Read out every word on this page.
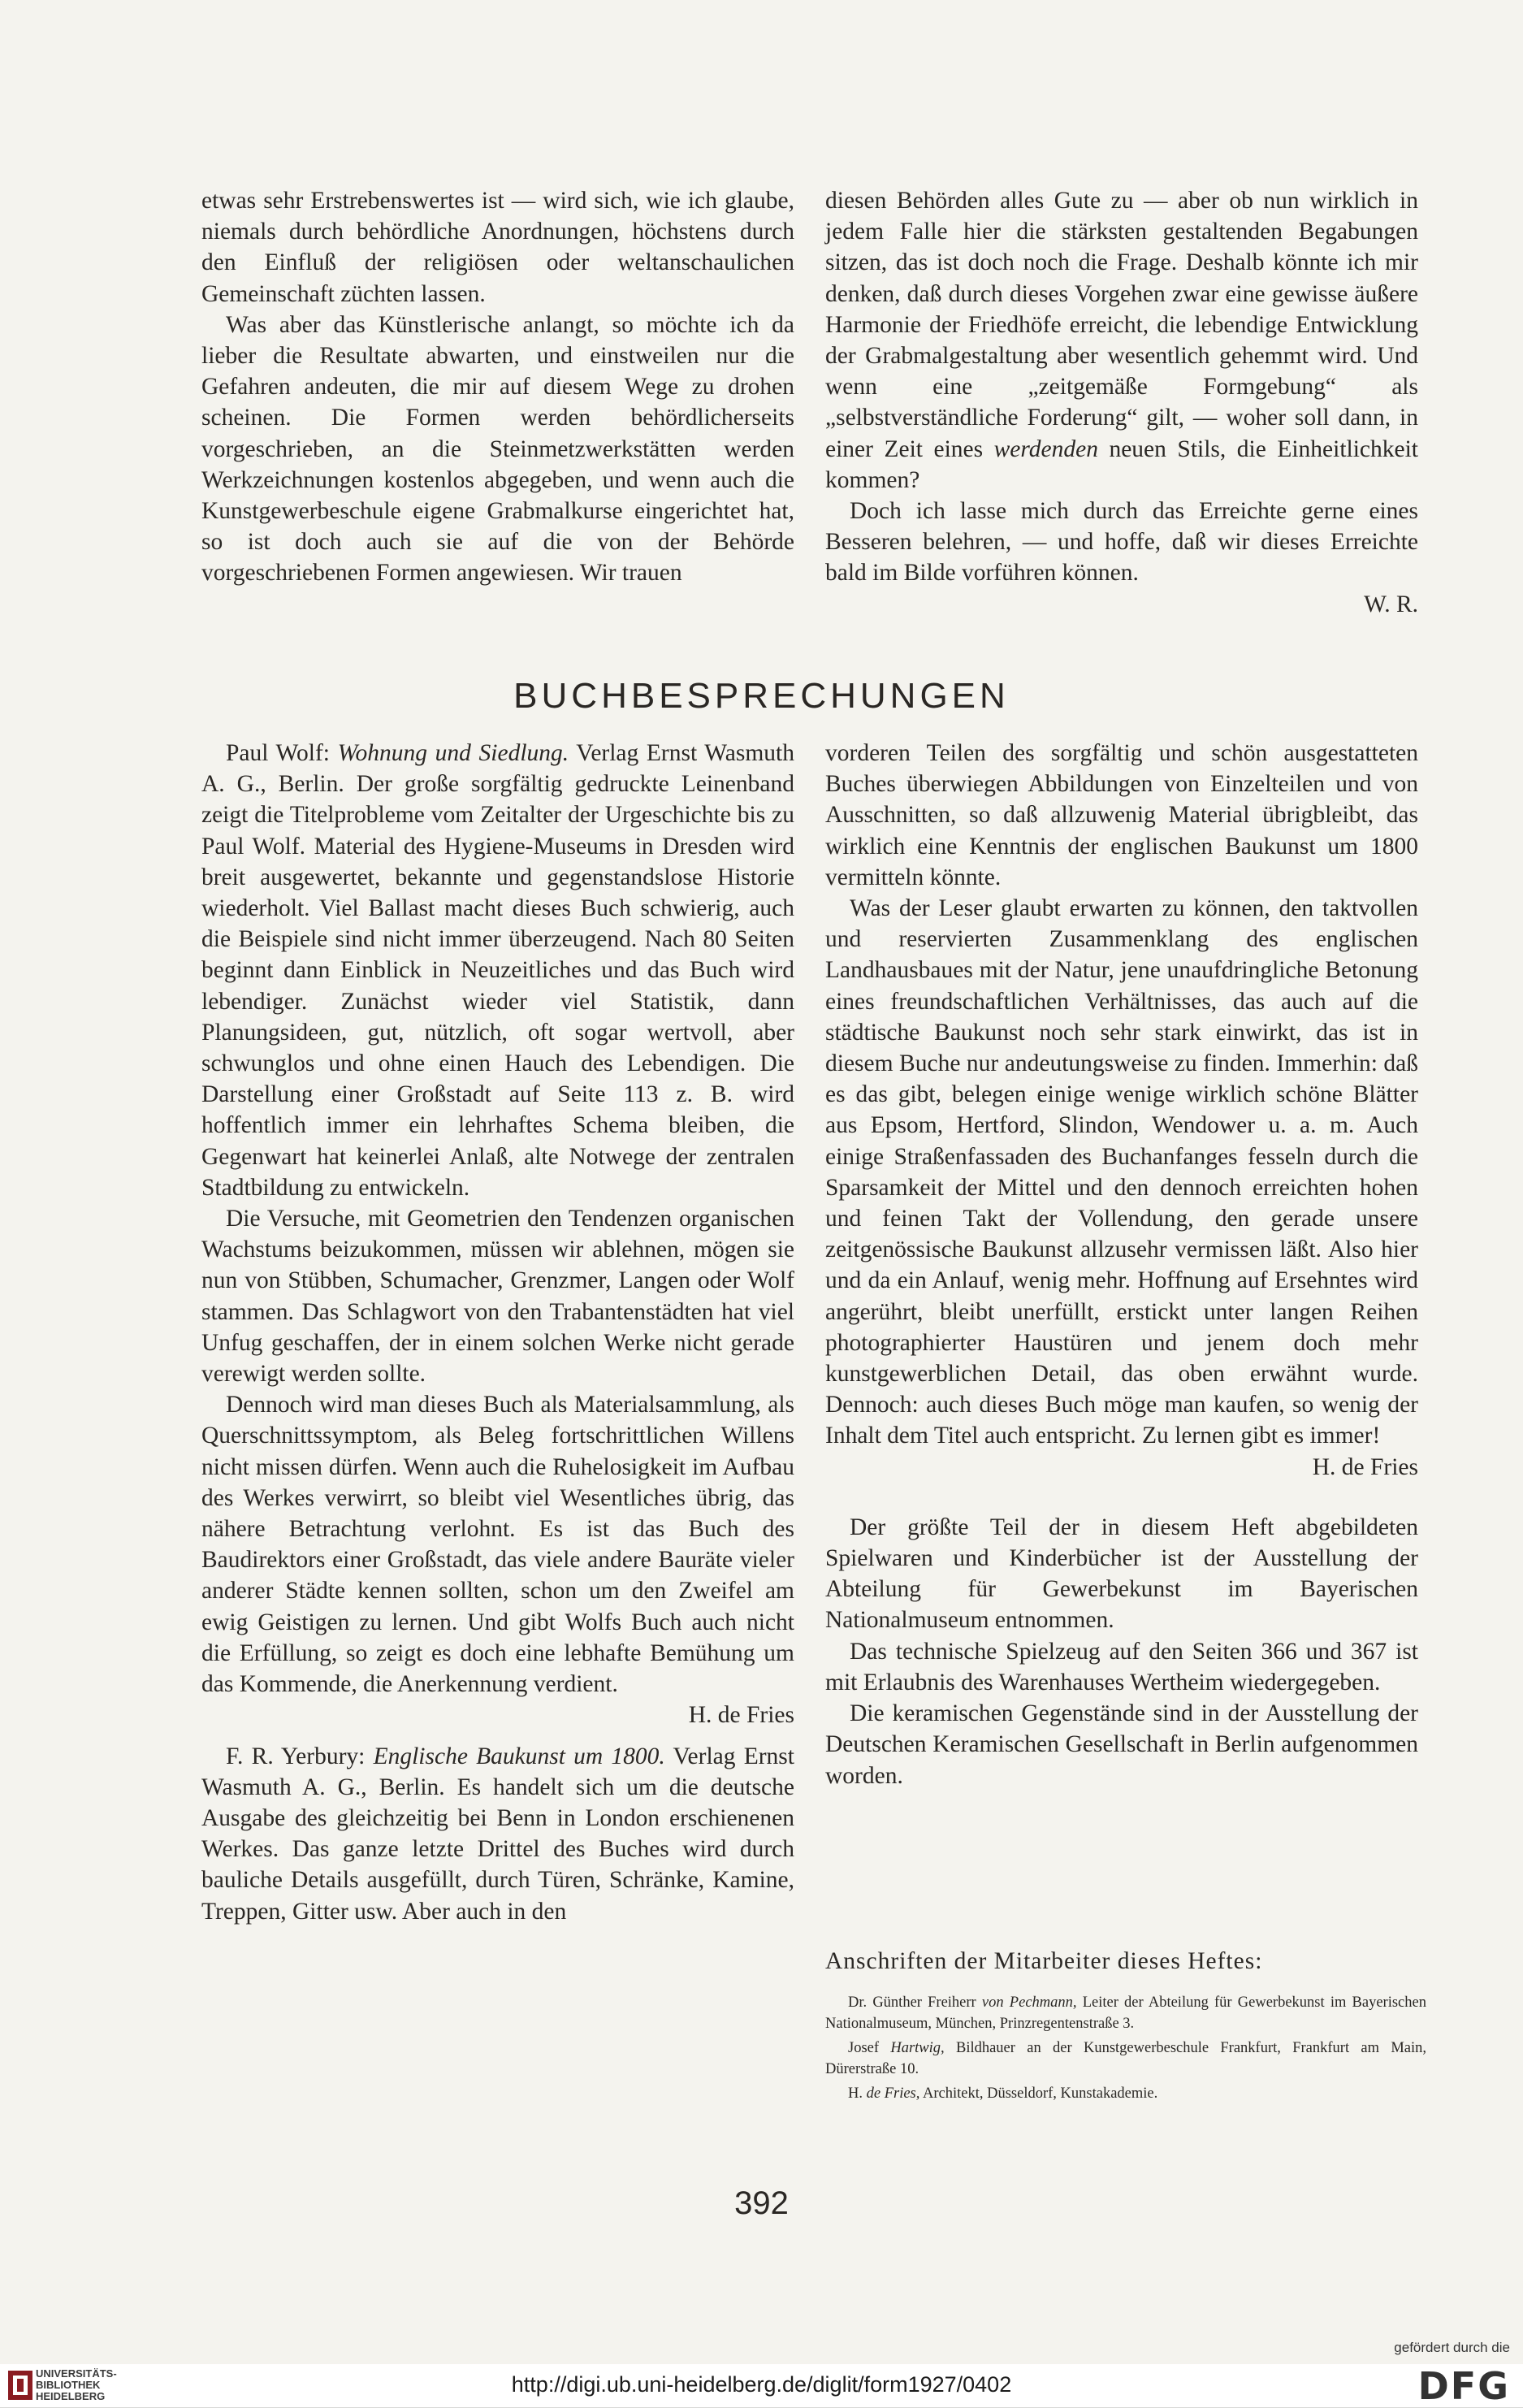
etwas sehr Erstrebenswertes ist — wird sich, wie ich glaube, niemals durch behördliche Anordnungen, höchstens durch den Einfluß der religiösen oder weltanschaulichen Gemeinschaft züchten lassen.

Was aber das Künstlerische anlangt, so möchte ich da lieber die Resultate abwarten, und einstweilen nur die Gefahren andeuten, die mir auf diesem Wege zu drohen scheinen. Die Formen werden behördlicherseits vorgeschrieben, an die Steinmetzwerkstätten werden Werkzeichnungen kostenlos abgegeben, und wenn auch die Kunstgewerbeschule eigene Grabmalkurse eingerichtet hat, so ist doch auch sie auf die von der Behörde vorgeschriebenen Formen angewiesen. Wir trauen

diesen Behörden alles Gute zu — aber ob nun wirklich in jedem Falle hier die stärksten gestaltenden Begabungen sitzen, das ist doch noch die Frage. Deshalb könnte ich mir denken, daß durch dieses Vorgehen zwar eine gewisse äußere Harmonie der Friedhöfe erreicht, die lebendige Entwicklung der Grabmalgestaltung aber wesentlich gehemmt wird. Und wenn eine „zeitgemäße Formgebung“ als „selbstverständliche Forderung“ gilt, — woher soll dann, in einer Zeit eines werdenden neuen Stils, die Einheitlichkeit kommen?

Doch ich lasse mich durch das Erreichte gerne eines Besseren belehren, — und hoffe, daß wir dieses Erreichte bald im Bilde vorführen können.

W. R.

BUCHBESPRECHUNGEN

Paul Wolf: Wohnung und Siedlung. Verlag Ernst Wasmuth A. G., Berlin. Der große sorgfältig gedruckte Leinenband zeigt die Titelprobleme vom Zeitalter der Urgeschichte bis zu Paul Wolf. Material des Hygiene-Museums in Dresden wird breit ausgewertet, bekannte und gegenstandslose Historie wiederholt. Viel Ballast macht dieses Buch schwierig, auch die Beispiele sind nicht immer überzeugend. Nach 80 Seiten beginnt dann Einblick in Neuzeitliches und das Buch wird lebendiger. Zunächst wieder viel Statistik, dann Planungsideen, gut, nützlich, oft sogar wertvoll, aber schwunglos und ohne einen Hauch des Lebendigen. Die Darstellung einer Großstadt auf Seite 113 z. B. wird hoffentlich immer ein lehrhaftes Schema bleiben, die Gegenwart hat keinerlei Anlaß, alte Notwege der zentralen Stadtbildung zu entwickeln.

Die Versuche, mit Geometrien den Tendenzen organischen Wachstums beizukommen, müssen wir ablehnen, mögen sie nun von Stübben, Schumacher, Grenzmer, Langen oder Wolf stammen. Das Schlagwort von den Trabantenstädten hat viel Unfug geschaffen, der in einem solchen Werke nicht gerade verewigt werden sollte.

Dennoch wird man dieses Buch als Materialsammlung, als Querschnittssymptom, als Beleg fortschrittlichen Willens nicht missen dürfen. Wenn auch die Ruhelosigkeit im Aufbau des Werkes verwirrt, so bleibt viel Wesentliches übrig, das nähere Betrachtung verlohnt. Es ist das Buch des Baudirektors einer Großstadt, das viele andere Bauräte vieler anderer Städte kennen sollten, schon um den Zweifel am ewig Geistigen zu lernen. Und gibt Wolfs Buch auch nicht die Erfüllung, so zeigt es doch eine lebhafte Bemühung um das Kommende, die Anerkennung verdient.

H. de Fries

F. R. Yerbury: Englische Baukunst um 1800. Verlag Ernst Wasmuth A. G., Berlin. Es handelt sich um die deutsche Ausgabe des gleichzeitig bei Benn in London erschienenen Werkes. Das ganze letzte Drittel des Buches wird durch bauliche Details ausgefüllt, durch Türen, Schränke, Kamine, Treppen, Gitter usw. Aber auch in den

vorderen Teilen des sorgfältig und schön ausgestatteten Buches überwiegen Abbildungen von Einzelteilen und von Ausschnitten, so daß allzuwenig Material übrigbleibt, das wirklich eine Kenntnis der englischen Baukunst um 1800 vermitteln könnte.

Was der Leser glaubt erwarten zu können, den taktvollen und reservierten Zusammenklang des englischen Landhausbaues mit der Natur, jene unaufdringliche Betonung eines freundschaftlichen Verhältnisses, das auch auf die städtische Baukunst noch sehr stark einwirkt, das ist in diesem Buche nur andeutungsweise zu finden. Immerhin: daß es das gibt, belegen einige wenige wirklich schöne Blätter aus Epsom, Hertford, Slindon, Wendower u. a. m. Auch einige Straßenfassaden des Buchanfanges fesseln durch die Sparsamkeit der Mittel und den dennoch erreichten hohen und feinen Takt der Vollendung, den gerade unsere zeitgenössische Baukunst allzusehr vermissen läßt. Also hier und da ein Anlauf, wenig mehr. Hoffnung auf Ersehntes wird angerührt, bleibt unerfüllt, erstickt unter langen Reihen photographierter Haustüren und jenem doch mehr kunstgewerblichen Detail, das oben erwähnt wurde. Dennoch: auch dieses Buch möge man kaufen, so wenig der Inhalt dem Titel auch entspricht. Zu lernen gibt es immer!

H. de Fries

Der größte Teil der in diesem Heft abgebildeten Spielwaren und Kinderbücher ist der Ausstellung der Abteilung für Gewerbekunst im Bayerischen Nationalmuseum entnommen.

Das technische Spielzeug auf den Seiten 366 und 367 ist mit Erlaubnis des Warenhauses Wertheim wiedergegeben.

Die keramischen Gegenstände sind in der Ausstellung der Deutschen Keramischen Gesellschaft in Berlin aufgenommen worden.

Anschriften der Mitarbeiter dieses Heftes:

Dr. Günther Freiherr von Pechmann, Leiter der Abteilung für Gewerbekunst im Bayerischen Nationalmuseum, München, Prinzregentenstraße 3.

Josef Hartwig, Bildhauer an der Kunstgewerbeschule Frankfurt, Frankfurt am Main, Dürerstraße 10.

H. de Fries, Architekt, Düsseldorf, Kunstakademie.

392
UNIVERSITÄTS-
BIBLIOTHEK
HEIDELBERG	http://digi.ub.uni-heidelberg.de/diglit/form1927/0402
gefördert durch die
DFG
